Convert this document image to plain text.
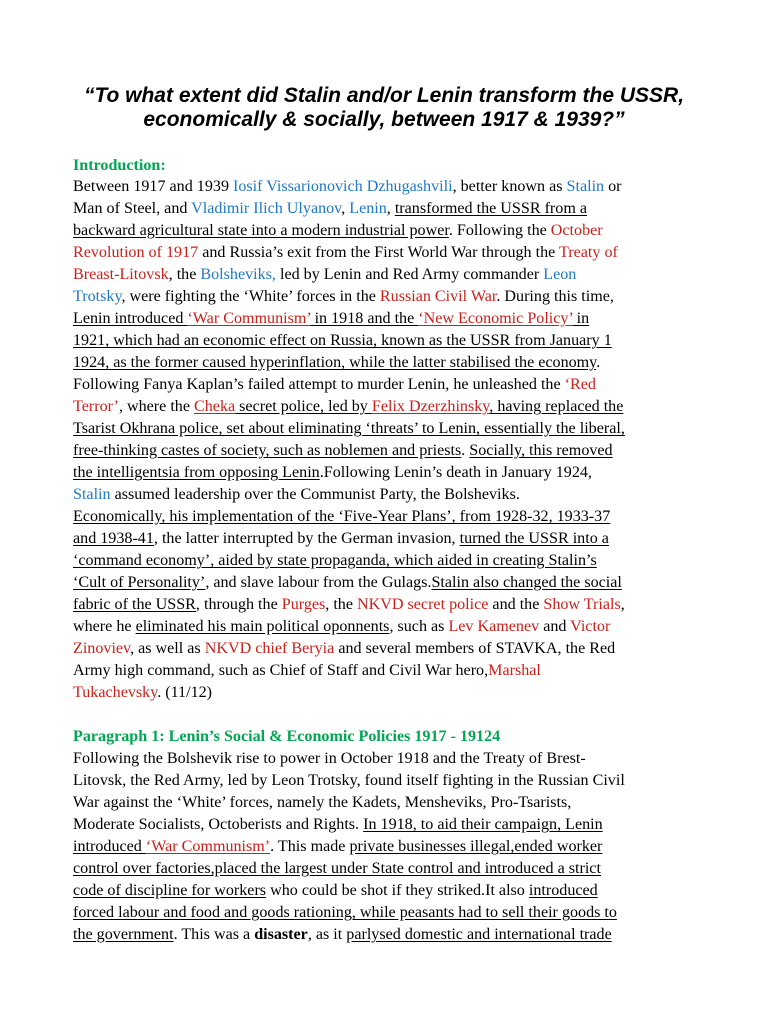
“To what extent did Stalin and/or Lenin transform the USSR, economically & socially, between 1917 & 1939?”
Introduction:
Between 1917 and 1939 Iosif Vissarionovich Dzhugashvili, better known as Stalin or
Man of Steel, and Vladimir Ilich Ulyanov, Lenin, transformed the USSR from a
backward agricultural state into a modern industrial power. Following the October
Revolution of 1917 and Russia’s exit from the First World War through the Treaty of
Breast-Litovsk, the Bolsheviks, led by Lenin and Red Army commander Leon
Trotsky, were fighting the ‘White’ forces in the Russian Civil War. During this time,
Lenin introduced ‘War Communism’ in 1918 and the ‘New Economic Policy’ in
1921, which had an economic effect on Russia, known as the USSR from January 1
1924, as the former caused hyperinflation, while the latter stabilised the economy.
Following Fanya Kaplan’s failed attempt to murder Lenin, he unleashed the ‘Red
Terror’, where the Cheka secret police, led by Felix Dzerzhinsky, having replaced the
Tsarist Okhrana police, set about eliminating ‘threats’ to Lenin, essentially the liberal,
free-thinking castes of society, such as noblemen and priests. Socially, this removed
the intelligentsia from opposing Lenin.Following Lenin’s death in January 1924,
Stalin assumed leadership over the Communist Party, the Bolsheviks.
Economically, his implementation of the ‘Five-Year Plans’, from 1928-32, 1933-37
and 1938-41, the latter interrupted by the German invasion, turned the USSR into a
‘command economy’, aided by state propaganda, which aided in creating Stalin’s
‘Cult of Personality’, and slave labour from the Gulags.Stalin also changed the social
fabric of the USSR, through the Purges, the NKVD secret police and the Show Trials,
where he eliminated his main political oponnents, such as Lev Kamenev and Victor
Zinoviev, as well as NKVD chief Beryia and several members of STAVKA, the Red
Army high command, such as Chief of Staff and Civil War hero,Marshal
Tukachevsky. (11/12)
Paragraph 1: Lenin’s Social & Economic Policies 1917 - 19124
Following the Bolshevik rise to power in October 1918 and the Treaty of Brest-
Litovsk, the Red Army, led by Leon Trotsky, found itself fighting in the Russian Civil
War against the ‘White’ forces, namely the Kadets, Mensheviks, Pro-Tsarists,
Moderate Socialists, Octoberists and Rights. In 1918, to aid their campaign, Lenin
introduced ‘War Communism’. This made private businesses illegal,ended worker
control over factories,placed the largest under State control and introduced a strict
code of discipline for workers who could be shot if they striked.It also introduced
forced labour and food and goods rationing, while peasants had to sell their goods to
the government. This was a disaster, as it parlysed domestic and international trade
